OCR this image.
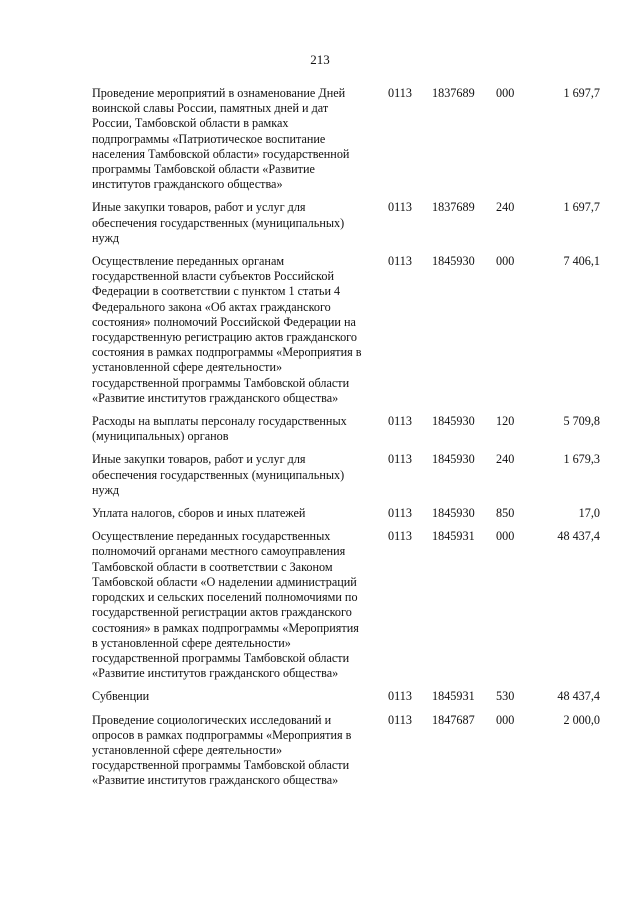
213
Проведение мероприятий в ознаменование Дней воинской славы России, памятных дней и дат России, Тамбовской области в рамках подпрограммы «Патриотическое воспитание населения Тамбовской области» государственной программы Тамбовской области «Развитие институтов гражданского общества»
0113	1837689	000	1 697,7
Иные закупки товаров, работ и услуг для обеспечения государственных (муниципальных) нужд
0113	1837689	240	1 697,7
Осуществление переданных органам государственной власти субъектов Российской Федерации в соответствии с пунктом 1 статьи 4 Федерального закона «Об актах гражданского состояния» полномочий Российской Федерации на государственную регистрацию актов гражданского состояния в рамках подпрограммы «Мероприятия в установленной сфере деятельности» государственной программы Тамбовской области «Развитие институтов гражданского общества»
0113	1845930	000	7 406,1
Расходы на выплаты персоналу государственных (муниципальных) органов
0113	1845930	120	5 709,8
Иные закупки товаров, работ и услуг для обеспечения государственных (муниципальных) нужд
0113	1845930	240	1 679,3
Уплата налогов, сборов и иных платежей	0113	1845930	850	17,0
Осуществление переданных государственных полномочий органами местного самоуправления Тамбовской области в соответствии с Законом Тамбовской области «О наделении администраций городских и сельских поселений полномочиями по государственной регистрации актов гражданского состояния» в рамках подпрограммы «Мероприятия в установленной сфере деятельности» государственной программы Тамбовской области «Развитие институтов гражданского общества»
0113	1845931	000	48 437,4
Субвенции	0113	1845931	530	48 437,4
Проведение социологических исследований и опросов в рамках подпрограммы «Мероприятия в установленной сфере деятельности» государственной программы Тамбовской области «Развитие институтов гражданского общества»
0113	1847687	000	2 000,0
